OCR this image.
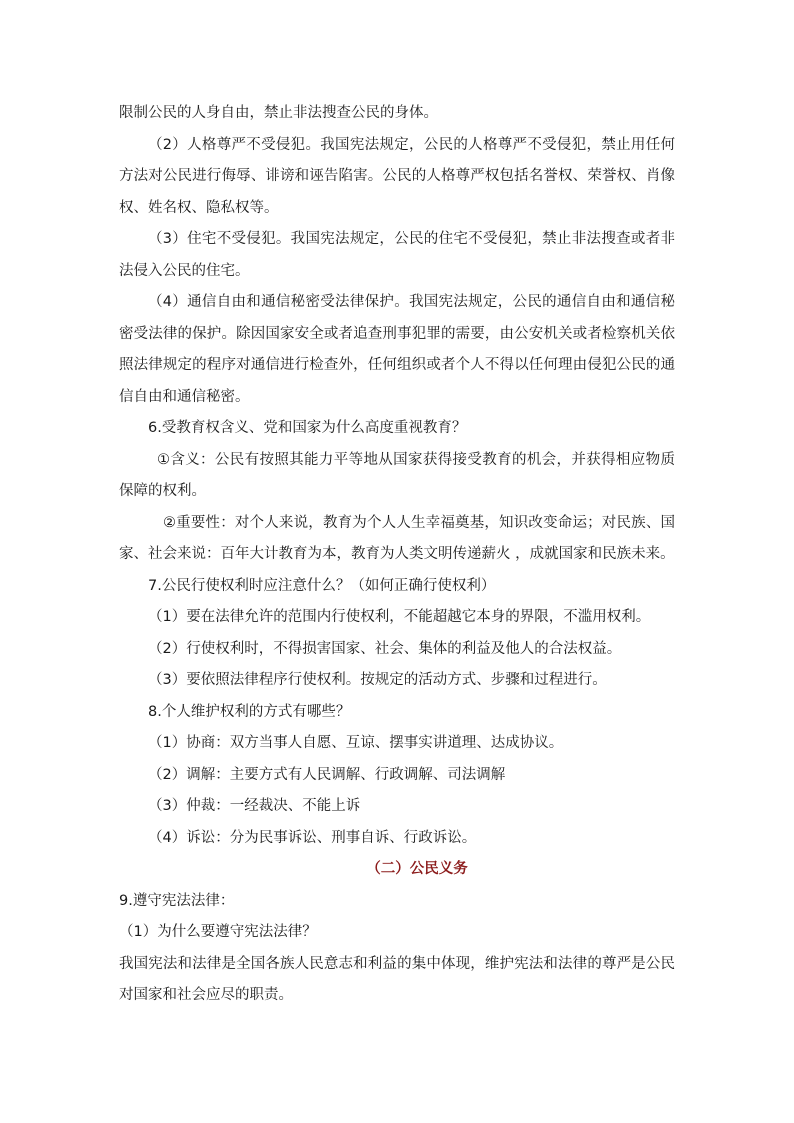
限制公民的人身自由，禁止非法搜查公民的身体。

（2）人格尊严不受侵犯。我国宪法规定，公民的人格尊严不受侵犯，禁止用任何方法对公民进行侮辱、诽谤和诬告陷害。公民的人格尊严权包括名誉权、荣誉权、肖像权、姓名权、隐私权等。

（3）住宅不受侵犯。我国宪法规定，公民的住宅不受侵犯，禁止非法搜查或者非法侵入公民的住宅。

（4）通信自由和通信秘密受法律保护。我国宪法规定，公民的通信自由和通信秘密受法律的保护。除因国家安全或者追查刑事犯罪的需要，由公安机关或者检察机关依照法律规定的程序对通信进行检查外，任何组织或者个人不得以任何理由侵犯公民的通信自由和通信秘密。

6.受教育权含义、党和国家为什么高度重视教育？

①含义：公民有按照其能力平等地从国家获得接受教育的机会，并获得相应物质保障的权利。

②重要性：对个人来说，教育为个人人生幸福奠基，知识改变命运；对民族、国家、社会来说：百年大计教育为本，教育为人类文明传递薪火 ，成就国家和民族未来。

7.公民行使权利时应注意什么？（如何正确行使权利）

（1）要在法律允许的范围内行使权利，不能超越它本身的界限，不滥用权利。

（2）行使权利时，不得损害国家、社会、集体的利益及他人的合法权益。

（3）要依照法律程序行使权利。按规定的活动方式、步骤和过程进行。

8.个人维护权利的方式有哪些？

（1）协商：双方当事人自愿、互谅、摆事实讲道理、达成协议。

（2）调解：主要方式有人民调解、行政调解、司法调解

（3）仲裁：一经裁决、不能上诉

（4）诉讼：分为民事诉讼、刑事自诉、行政诉讼。

（二）公民义务

9.遵守宪法法律：

（1）为什么要遵守宪法法律？

我国宪法和法律是全国各族人民意志和利益的集中体现，维护宪法和法律的尊严是公民对国家和社会应尽的职责。
